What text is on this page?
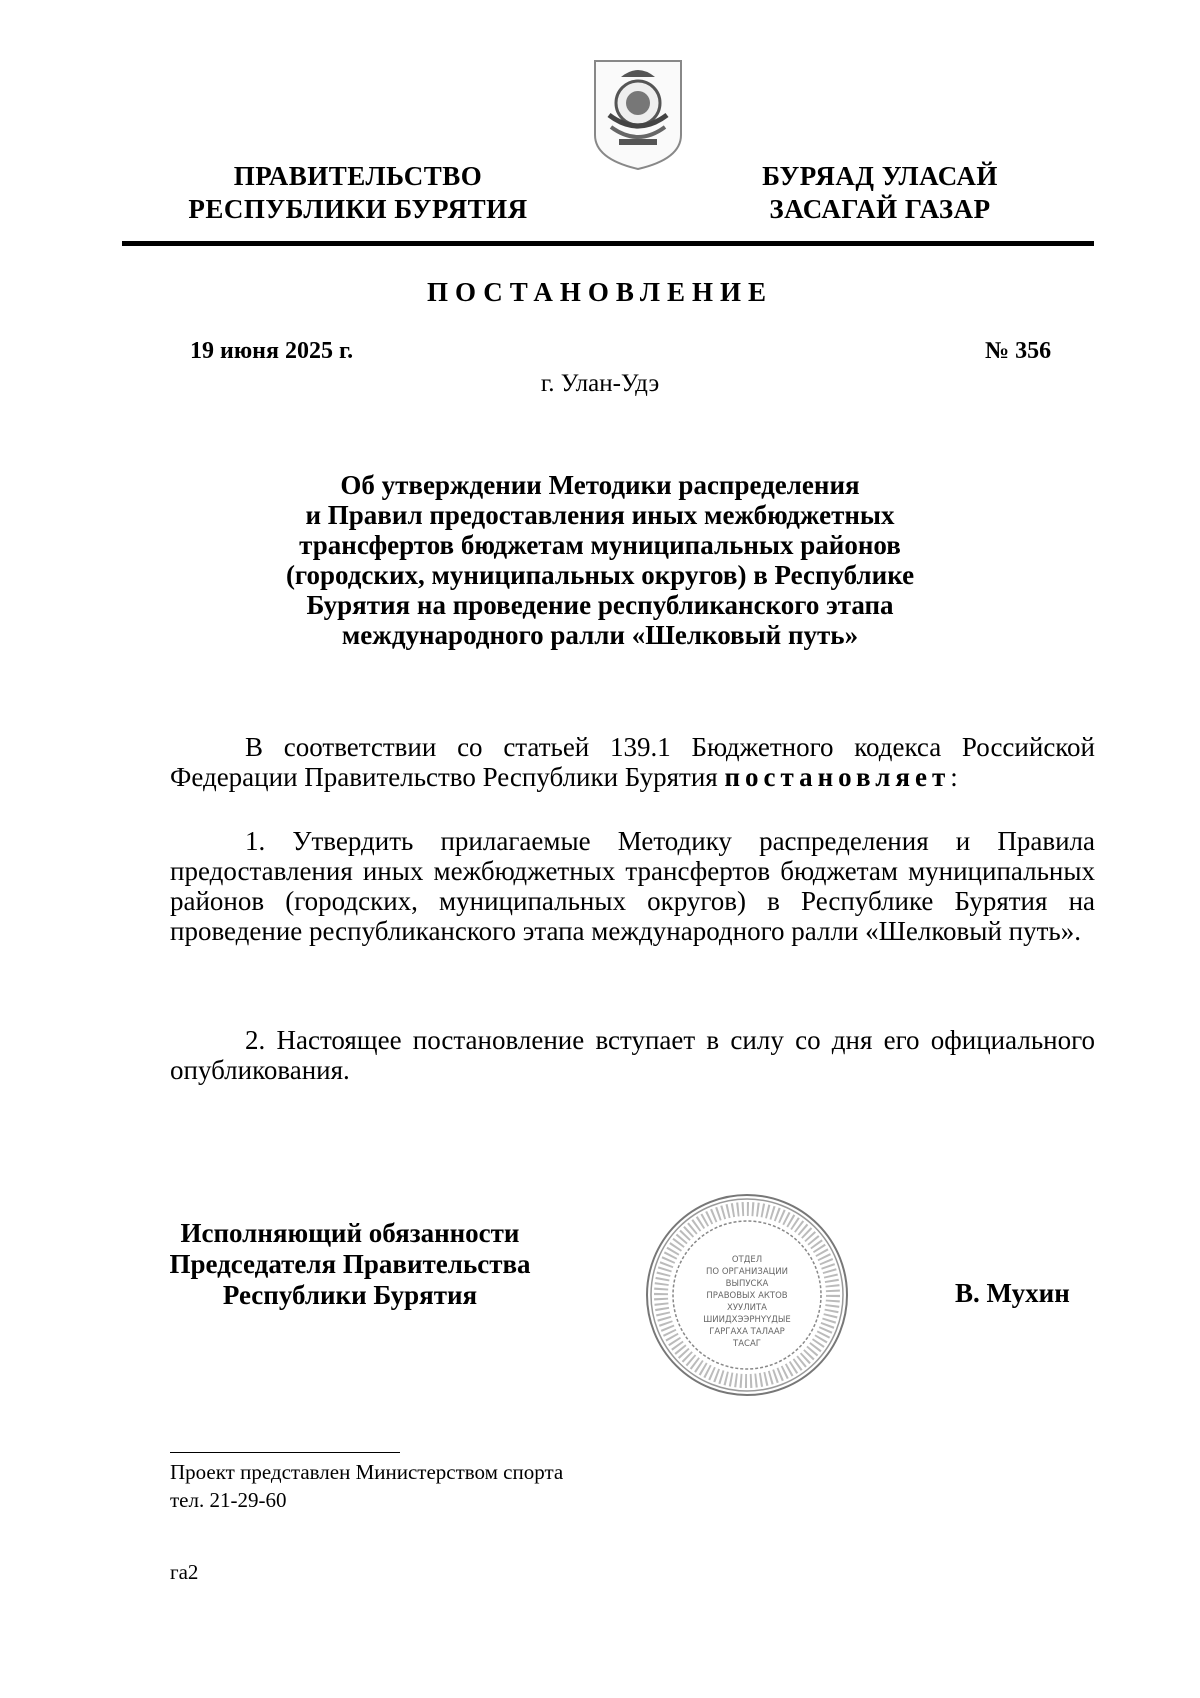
ПРАВИТЕЛЬСТВО
РЕСПУБЛИКИ БУРЯТИЯ
БУРЯАД УЛАСАЙ
ЗАСАГАЙ ГАЗАР
ПОСТАНОВЛЕНИЕ
19 июня 2025 г.	№ 356
г. Улан-Удэ
Об утверждении Методики распределения
и Правил предоставления иных межбюджетных
трансфертов бюджетам муниципальных районов
(городских, муниципальных округов) в Республике
Бурятия на проведение республиканского этапа
международного ралли «Шелковый путь»
В соответствии со статьей 139.1 Бюджетного кодекса Российской Федерации Правительство Республики Бурятия постановляет:
1. Утвердить прилагаемые Методику распределения и Правила предоставления иных межбюджетных трансфертов бюджетам муниципальных районов (городских, муниципальных округов) в Республике Бурятия на проведение республиканского этапа международного ралли «Шелковый путь».
2. Настоящее постановление вступает в силу со дня его официального опубликования.
Исполняющий обязанности
Председателя Правительства
Республики Бурятия
ОТДЕЛ
ПО ОРГАНИЗАЦИИ
ВЫПУСКА
ПРАВОВЫХ АКТОВ
ХУУЛИТА
ШИИДХЭЭРНҮҮДЫЕ
ГАРГАХА ТАЛААР
ТАСАГ
В. Мухин
Проект представлен Министерством спорта
тел. 21-29-60
га2
